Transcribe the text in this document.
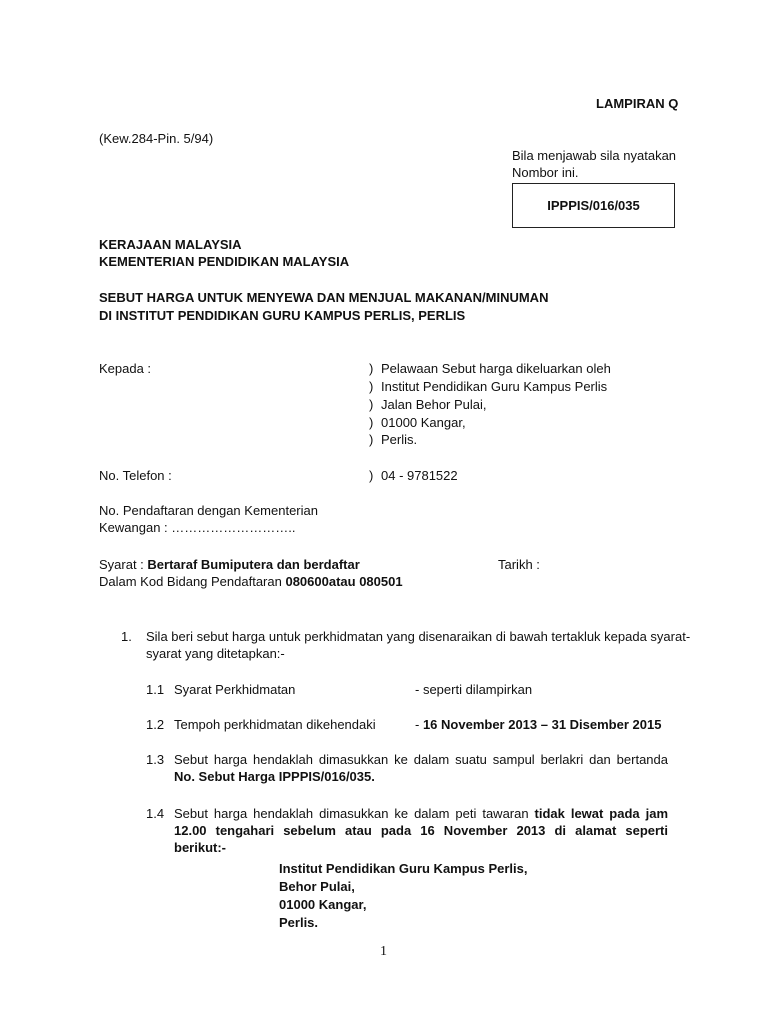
LAMPIRAN Q
(Kew.284-Pin. 5/94)
Bila menjawab sila nyatakan
Nombor ini.
IPPPIS/016/035
KERAJAAN MALAYSIA
KEMENTERIAN PENDIDIKAN MALAYSIA
SEBUT HARGA UNTUK MENYEWA DAN MENJUAL MAKANAN/MINUMAN
DI INSTITUT PENDIDIKAN GURU KAMPUS PERLIS, PERLIS
Kepada :	) Pelawaan Sebut harga dikeluarkan oleh
) Institut Pendidikan Guru Kampus Perlis
) Jalan Behor Pulai,
) 01000 Kangar,
) Perlis.
No. Telefon :	) 04 - 9781522
No. Pendaftaran dengan Kementerian
Kewangan : ………………………..
Syarat : Bertaraf Bumiputera dan berdaftar	Tarikh :
Dalam Kod Bidang Pendaftaran 080600atau 080501
1. Sila beri sebut harga untuk perkhidmatan yang disenaraikan di bawah tertakluk kepada syarat-
syarat yang ditetapkan:-
1.1 Syarat Perkhidmatan	- seperti dilampirkan
1.2 Tempoh perkhidmatan dikehendaki	- 16 November 2013 – 31 Disember 2015
1.3 Sebut harga hendaklah dimasukkan ke dalam suatu sampul berlakri dan bertanda No. Sebut Harga IPPPIS/016/035.
1.4 Sebut harga hendaklah dimasukkan ke dalam peti tawaran tidak lewat pada jam 12.00 tengahari sebelum atau pada 16 November 2013 di alamat seperti berikut:-
Institut Pendidikan Guru Kampus Perlis,
Behor Pulai,
01000 Kangar,
Perlis.
1
